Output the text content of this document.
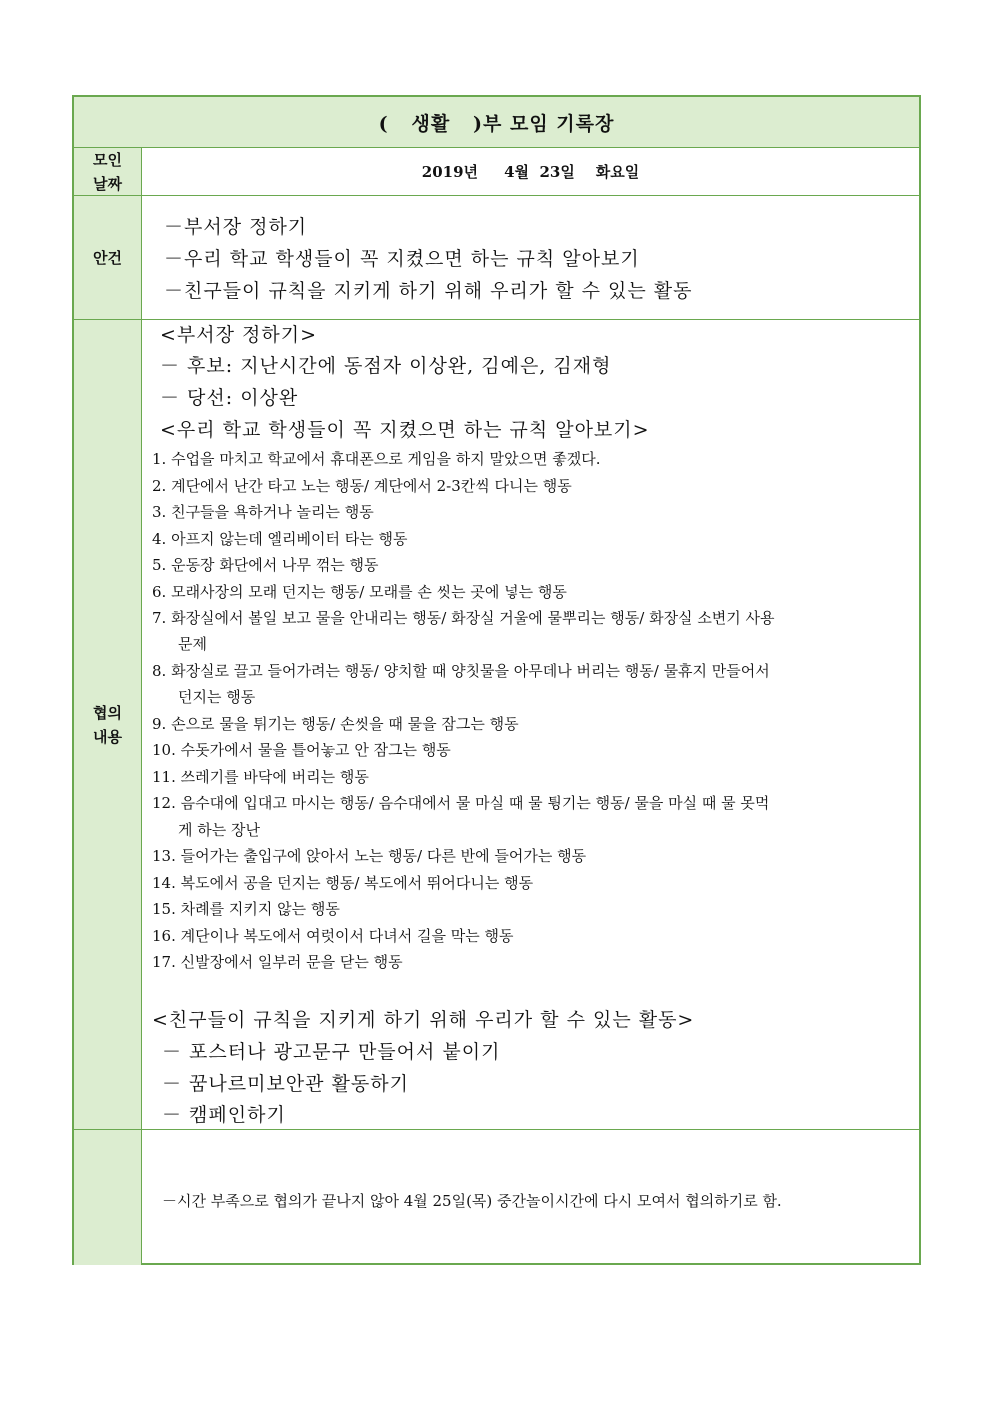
(   생활   )부 모임 기록장
모인
날짜
2019년     4월  23일    화요일
안건
－부서장 정하기
－우리 학교 학생들이 꼭 지켰으면 하는 규칙 알아보기
－친구들이 규칙을 지키게 하기 위해 우리가 할 수 있는 활동
협의
내용
<부서장 정하기>
－ 후보: 지난시간에 동점자 이상완, 김예은, 김재형
－ 당선: 이상완
<우리 학교 학생들이 꼭 지켰으면 하는 규칙 알아보기>
1. 수업을 마치고 학교에서 휴대폰으로 게임을 하지 말았으면 좋겠다.
2. 계단에서 난간 타고 노는 행동/ 계단에서 2-3칸씩 다니는 행동
3. 친구들을 욕하거나 놀리는 행동
4. 아프지 않는데 엘리베이터 타는 행동
5. 운동장 화단에서 나무 꺾는 행동
6. 모래사장의 모래 던지는 행동/ 모래를 손 씻는 곳에 넣는 행동
7. 화장실에서 볼일 보고 물을 안내리는 행동/ 화장실 거울에 물뿌리는 행동/ 화장실 소변기 사용
문제
8. 화장실로 끌고 들어가려는 행동/ 양치할 때 양칫물을 아무데나 버리는 행동/ 물휴지 만들어서
던지는 행동
9. 손으로 물을 튀기는 행동/ 손씻을 때 물을 잠그는 행동
10. 수돗가에서 물을 틀어놓고 안 잠그는 행동
11. 쓰레기를 바닥에 버리는 행동
12. 음수대에 입대고 마시는 행동/ 음수대에서 물 마실 때 물 튕기는 행동/ 물을 마실 때 물 못먹
게 하는 장난
13. 들어가는 출입구에 앉아서 노는 행동/ 다른 반에 들어가는 행동
14. 복도에서 공을 던지는 행동/ 복도에서 뛰어다니는 행동
15. 차례를 지키지 않는 행동
16. 계단이나 복도에서 여럿이서 다녀서 길을 막는 행동
17. 신발장에서 일부러 문을 닫는 행동
<친구들이 규칙을 지키게 하기 위해 우리가 할 수 있는 활동>
－ 포스터나 광고문구 만들어서 붙이기
－ 꿈나르미보안관 활동하기
－ 캠페인하기
－시간 부족으로 협의가 끝나지 않아 4월 25일(목) 중간놀이시간에 다시 모여서 협의하기로 함.
